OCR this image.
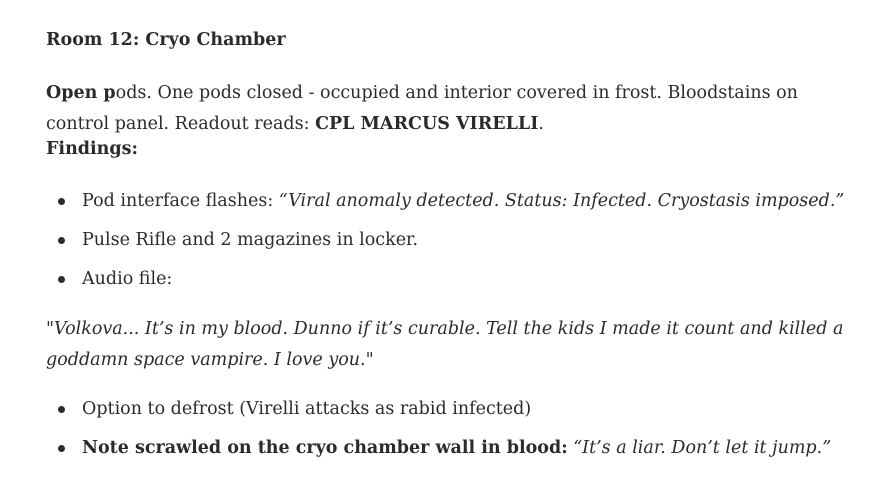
Room 12: Cryo Chamber
Open pods. One pods closed - occupied and interior covered in frost. Bloodstains on
control panel. Readout reads: CPL MARCUS VIRELLI.
Findings:
Pod interface flashes: “Viral anomaly detected. Status: Infected. Cryostasis imposed.”
Pulse Rifle and 2 magazines in locker.
Audio file:
"Volkova... It’s in my blood. Dunno if it’s curable. Tell the kids I made it count and killed a
goddamn space vampire. I love you."
Option to defrost (Virelli attacks as rabid infected)
Note scrawled on the cryo chamber wall in blood: “It’s a liar. Don’t let it jump.”
